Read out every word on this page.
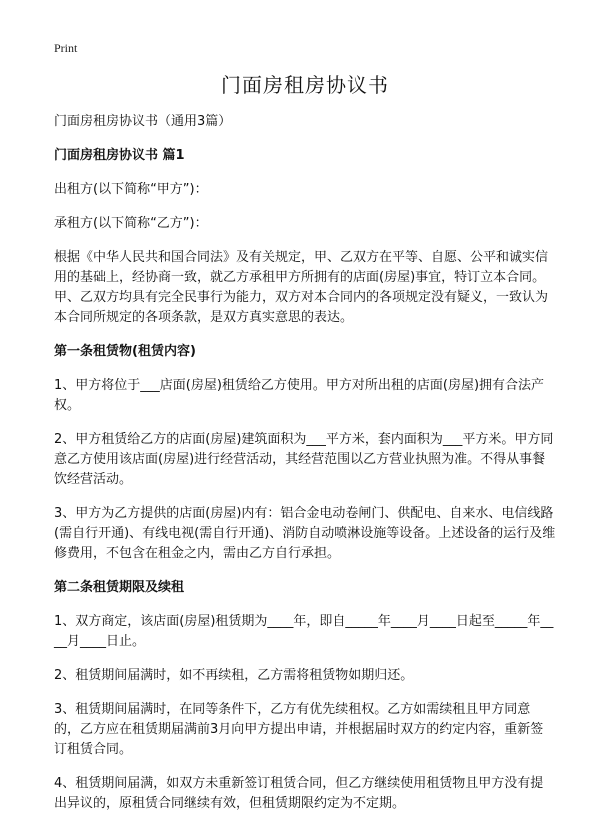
Print
门面房租房协议书
门面房租房协议书（通用3篇）
门面房租房协议书 篇1
出租方(以下简称“甲方”)：
承租方(以下简称“乙方”)：
根据《中华人民共和国合同法》及有关规定，甲、乙双方在平等、自愿、公平和诚实信用的基础上，经协商一致，就乙方承租甲方所拥有的店面(房屋)事宜，特订立本合同。甲、乙双方均具有完全民事行为能力，双方对本合同内的各项规定没有疑义，一致认为本合同所规定的各项条款，是双方真实意思的表达。
第一条租赁物(租赁内容)
1、甲方将位于___店面(房屋)租赁给乙方使用。甲方对所出租的店面(房屋)拥有合法产权。
2、甲方租赁给乙方的店面(房屋)建筑面积为___平方米，套内面积为___平方米。甲方同意乙方使用该店面(房屋)进行经营活动，其经营范围以乙方营业执照为准。不得从事餐饮经营活动。
3、甲方为乙方提供的店面(房屋)内有：铝合金电动卷闸门、供配电、自来水、电信线路(需自行开通)、有线电视(需自行开通)、消防自动喷淋设施等设备。上述设备的运行及维修费用，不包含在租金之内，需由乙方自行承担。
第二条租赁期限及续租
1、双方商定，该店面(房屋)租赁期为____年，即自_____年____月____日起至_____年____月____日止。
2、租赁期间届满时，如不再续租，乙方需将租赁物如期归还。
3、租赁期间届满时，在同等条件下，乙方有优先续租权。乙方如需续租且甲方同意的，乙方应在租赁期届满前3月向甲方提出申请，并根据届时双方的约定内容，重新签订租赁合同。
4、租赁期间届满，如双方未重新签订租赁合同，但乙方继续使用租赁物且甲方没有提出异议的，原租赁合同继续有效，但租赁期限约定为不定期。
